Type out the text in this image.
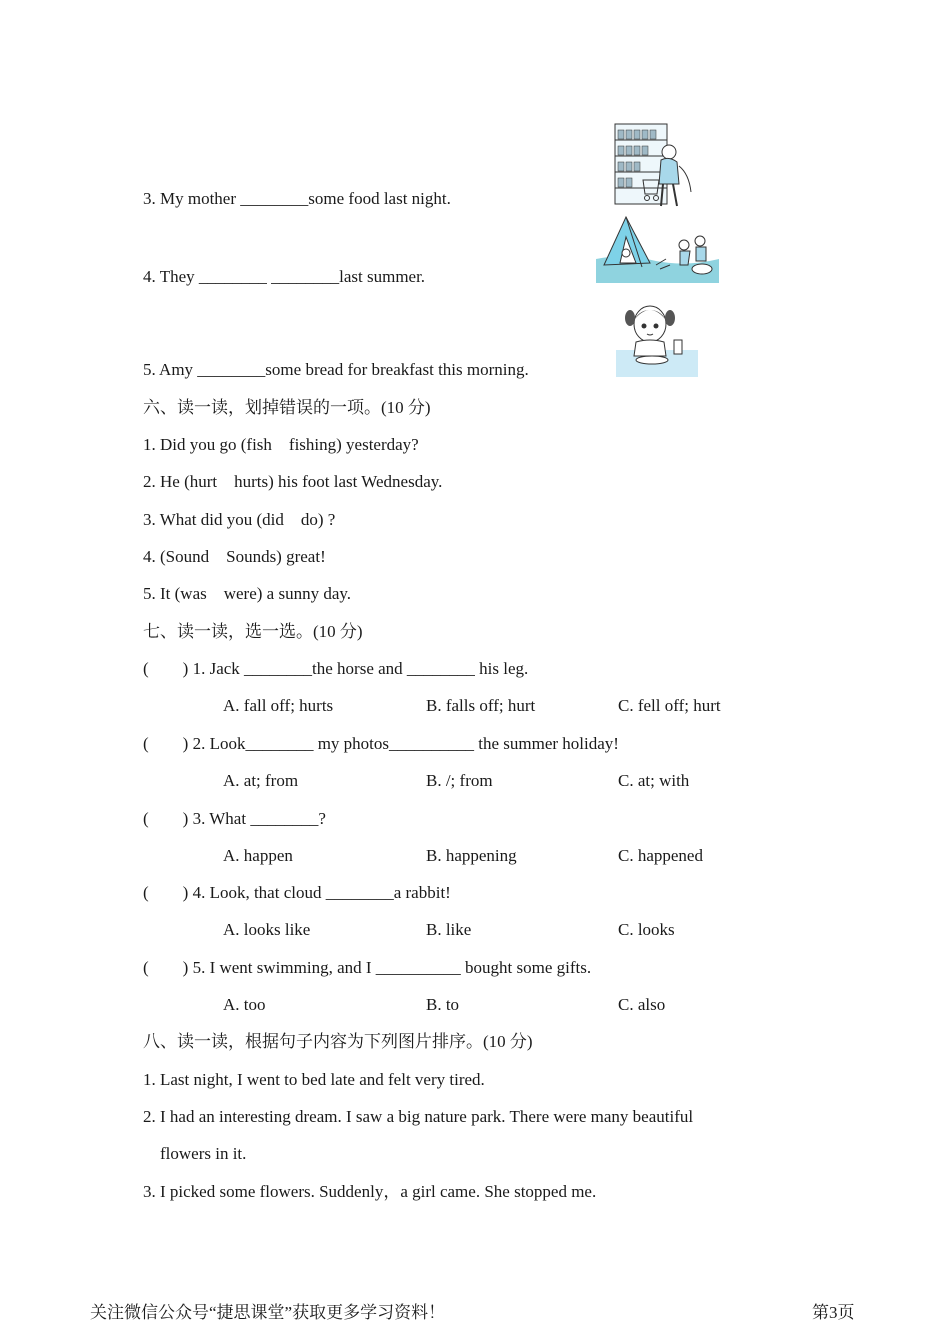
3. My mother ________some food last night.
4. They ________ ________last summer.
5. Amy ________some bread for breakfast this morning.
六、读一读，划掉错误的一项。(10 分)
1. Did you go (fish    fishing) yesterday?
2. He (hurt    hurts) his foot last Wednesday.
3. What did you (did    do) ?
4. (Sound    Sounds) great!
5. It (was    were) a sunny day.
七、读一读，选一选。(10 分)
(        ) 1. Jack ________the horse and ________ his leg.
A. fall off; hurts	B. falls off; hurt	C. fell off; hurt
(        ) 2. Look________ my photos__________ the summer holiday!
A. at; from	B. /; from	C. at; with
(        ) 3. What ________?
A. happen	B. happening	C. happened
(        ) 4. Look, that cloud ________a rabbit!
A. looks like	B. like	C. looks
(        ) 5. I went swimming, and I __________ bought some gifts.
A. too	B. to	C. also
八、读一读，根据句子内容为下列图片排序。(10 分)
1. Last night, I went to bed late and felt very tired.
2. I had an interesting dream. I saw a big nature park. There were many beautiful
flowers in it.
3. I picked some flowers. Suddenly，a girl came. She stopped me.
关注微信公众号“捷思课堂”获取更多学习资料！	第3页
